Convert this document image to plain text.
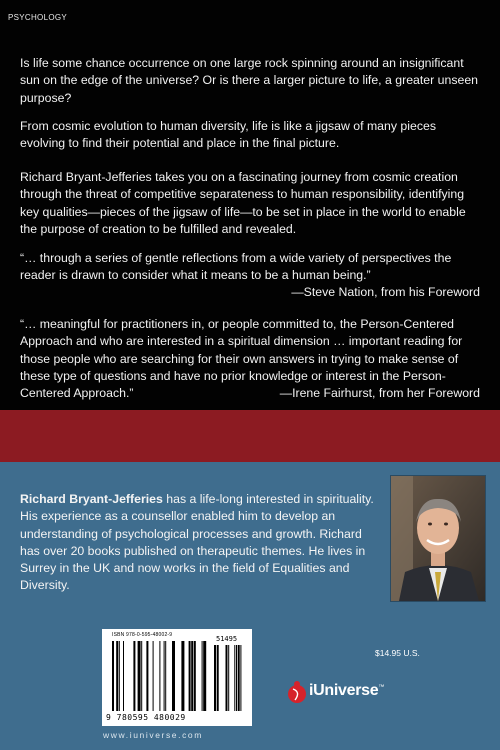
PSYCHOLOGY

Is life some chance occurrence on one large rock spinning around an insignificant sun on the edge of the universe? Or is there a larger picture to life, a greater unseen purpose?

From cosmic evolution to human diversity, life is like a jigsaw of many pieces evolving to find their potential and place in the final picture.

Richard Bryant-Jefferies takes you on a fascinating journey from cosmic creation through the threat of competitive separateness to human responsibility, identifying key qualities—pieces of the jigsaw of life—to be set in place in the world to enable the purpose of creation to be fulfilled and revealed.

“… through a series of gentle reflections from a wide variety of perspectives the reader is drawn to consider what it means to be a human being.”

—Steve Nation, from his Foreword

“… meaningful for practitioners in, or people committed to, the Person-Centered Approach and who are interested in a spiritual dimension … important reading for those people who are searching for their own answers in trying to make sense of these type of questions and have no prior knowledge or interest in the Person-Centered Approach.”	—Irene Fairhurst, from her Foreword

Richard Bryant-Jefferies has a life-long interested in spirituality. His experience as a counsellor enabled him to develop an understanding of psychological processes and growth. Richard has over 20 books published on therapeutic themes. He lives in Surrey in the UK and now works in the field of Equalities and Diversity.

ISBN 978-0-595-48002-9	51495
9 780595 480029
www.iuniverse.com
$14.95 U.S.
iUniverse™
